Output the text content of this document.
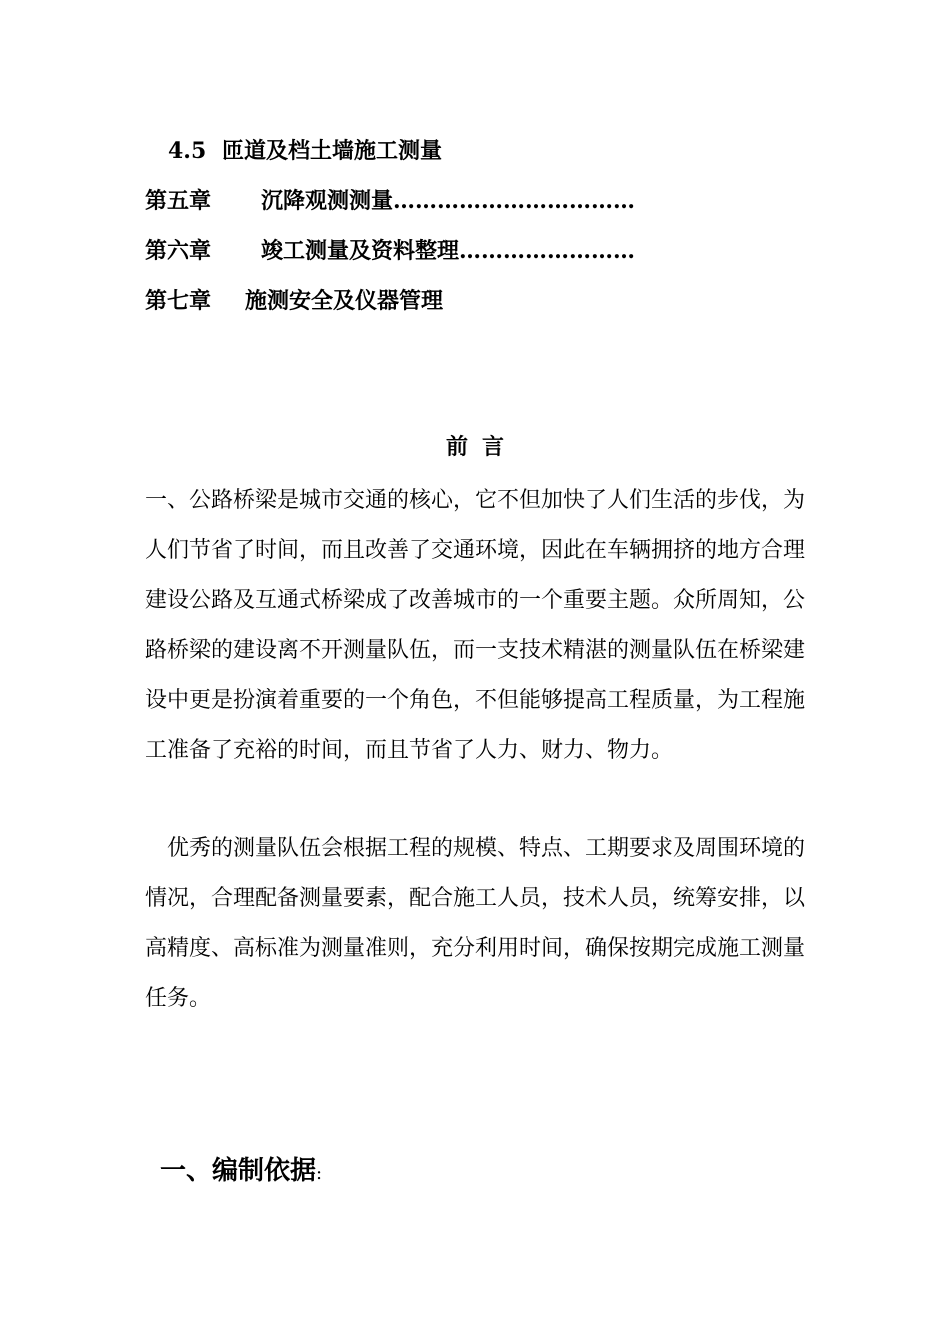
4.5 匝道及档土墙施工测量
第五章 沉降观测测量……………………………
第六章 竣工测量及资料整理……………………
第七章 施测安全及仪器管理
前言

一、公路桥梁是城市交通的核心，它不但加快了人们生活的步伐，为人们节省了时间，而且改善了交通环境，因此在车辆拥挤的地方合理建设公路及互通式桥梁成了改善城市的一个重要主题。众所周知，公路桥梁的建设离不开测量队伍，而一支技术精湛的测量队伍在桥梁建设中更是扮演着重要的一个角色，不但能够提高工程质量，为工程施工准备了充裕的时间，而且节省了人力、财力、物力。

优秀的测量队伍会根据工程的规模、特点、工期要求及周围环境的情况，合理配备测量要素，配合施工人员，技术人员，统筹安排，以高精度、高标准为测量准则，充分利用时间，确保按期完成施工测量任务。

一、编制依据:
